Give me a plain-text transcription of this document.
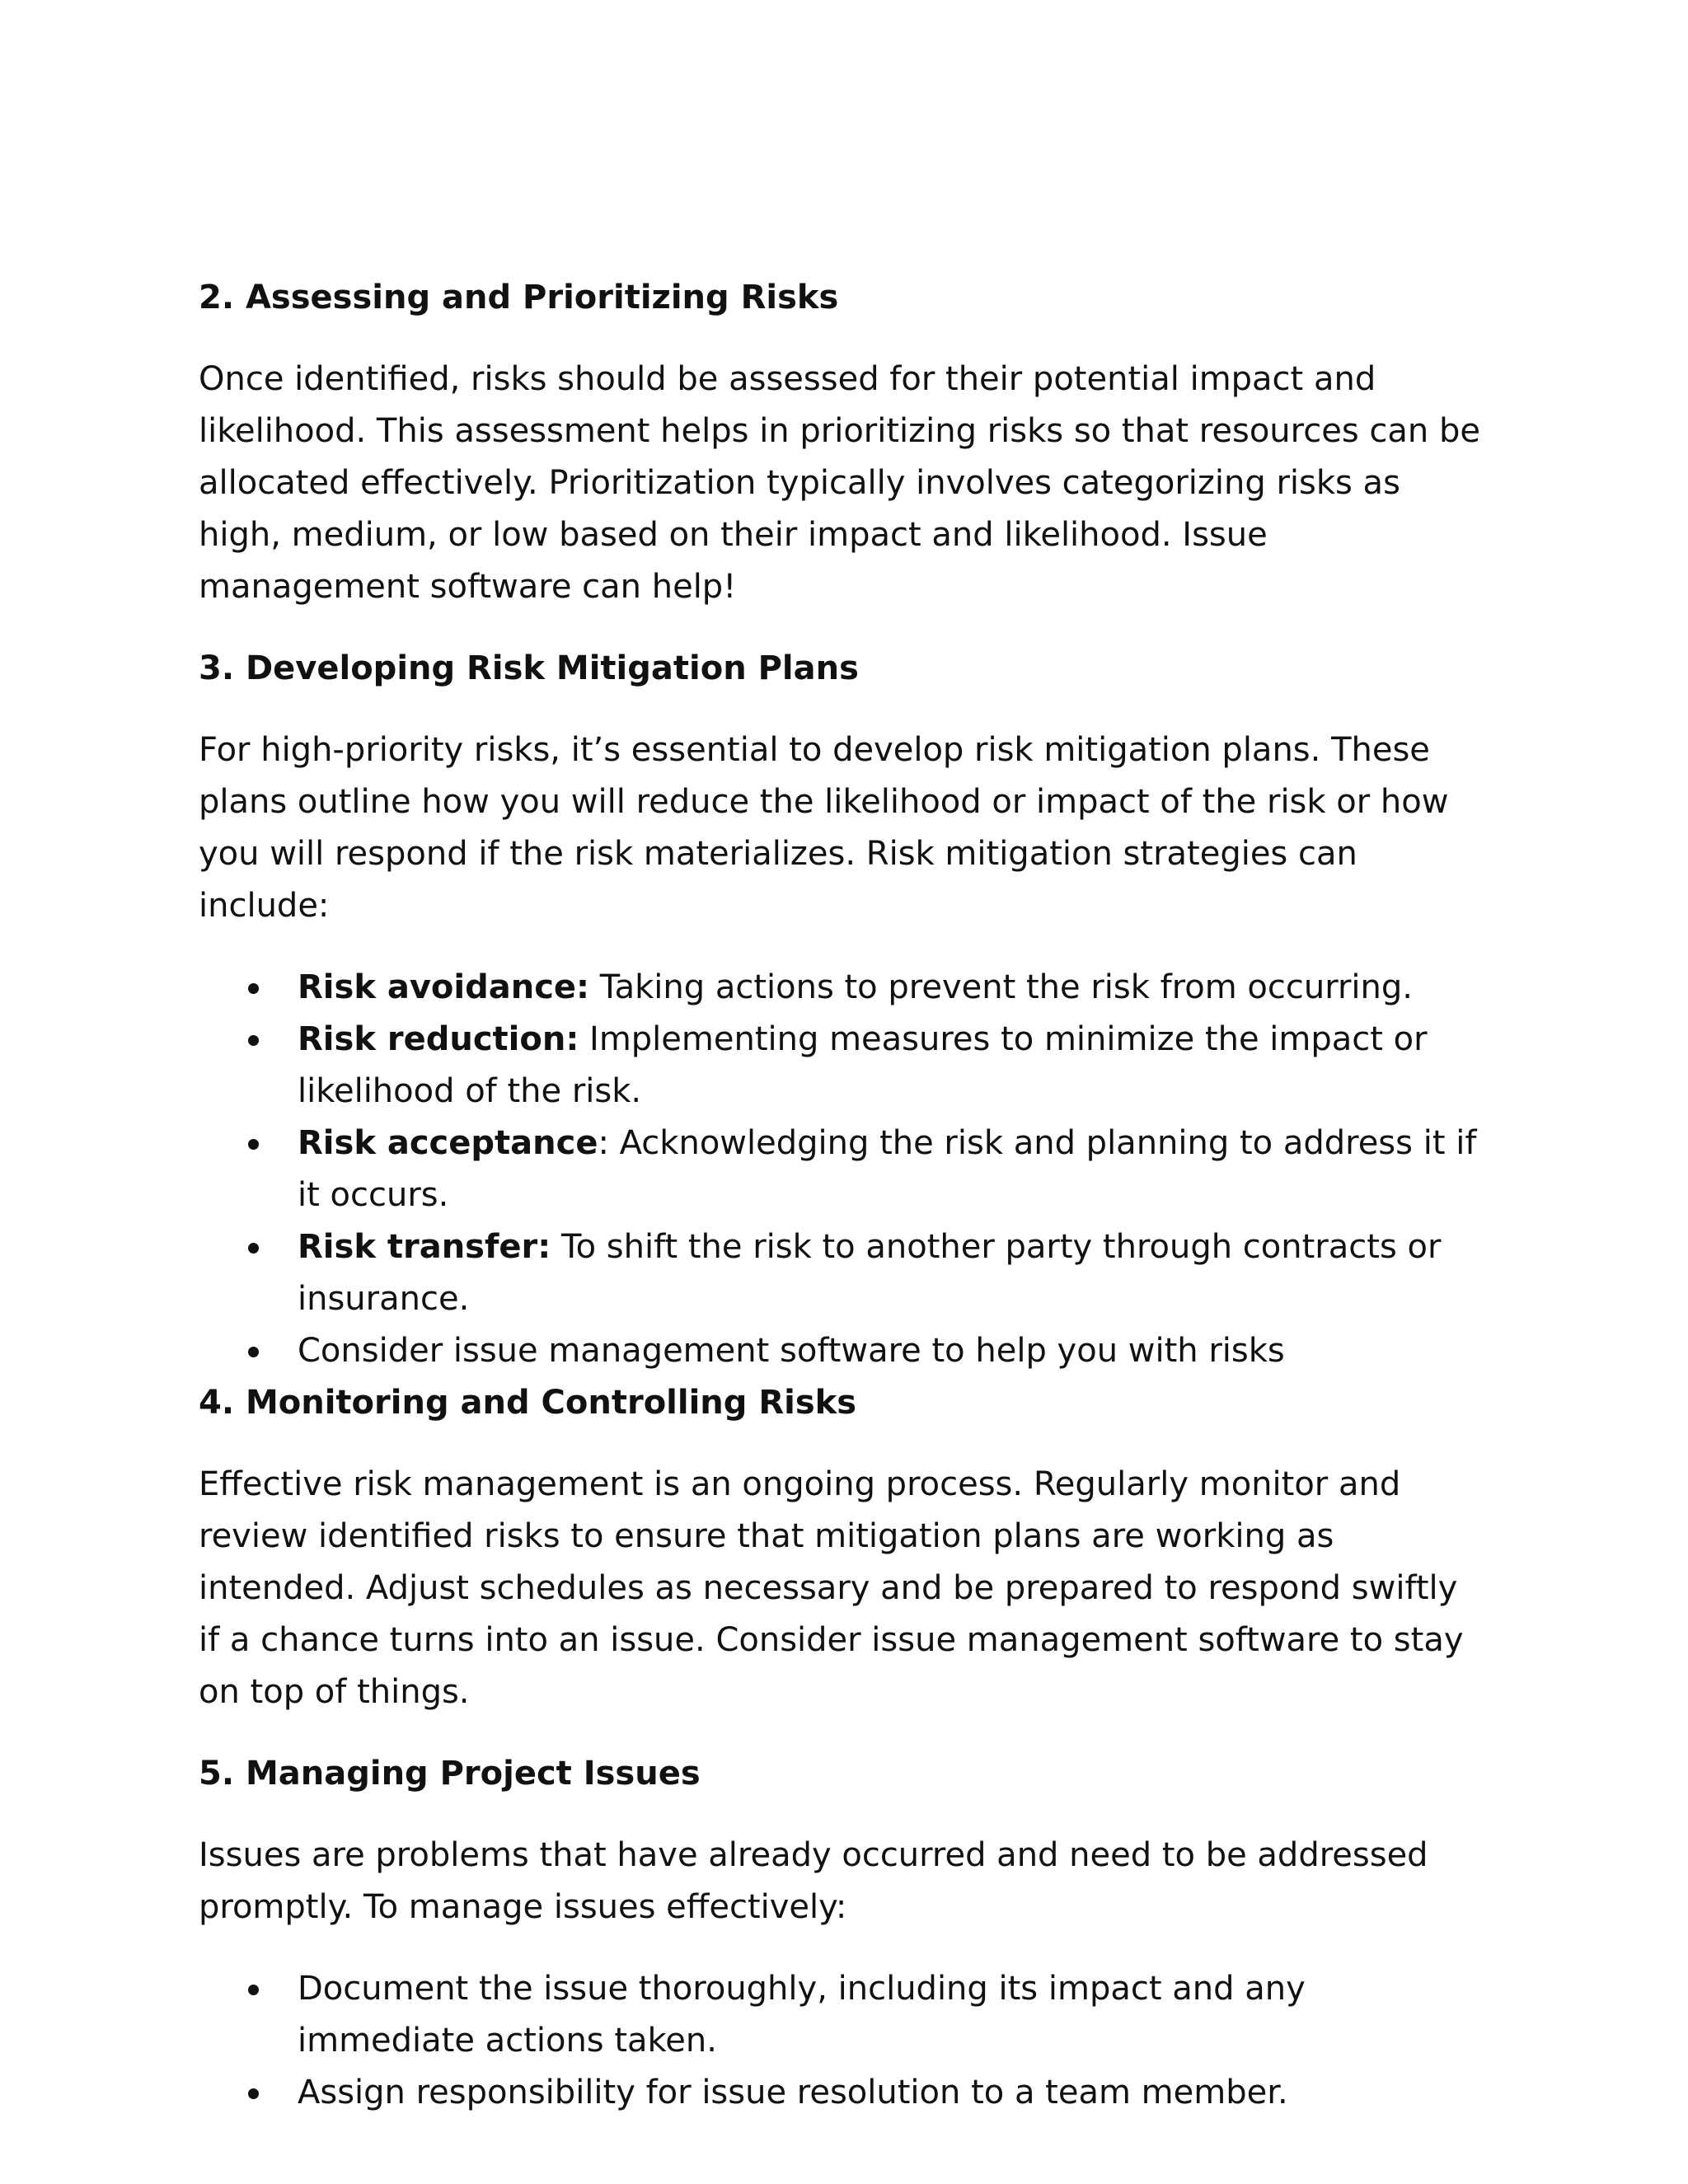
2. Assessing and Prioritizing Risks

Once identified, risks should be assessed for their potential impact and likelihood. This assessment helps in prioritizing risks so that resources can be allocated effectively. Prioritization typically involves categorizing risks as high, medium, or low based on their impact and likelihood. Issue management software can help!

3. Developing Risk Mitigation Plans

For high-priority risks, it’s essential to develop risk mitigation plans. These plans outline how you will reduce the likelihood or impact of the risk or how you will respond if the risk materializes. Risk mitigation strategies can include:

Risk avoidance: Taking actions to prevent the risk from occurring.
Risk reduction: Implementing measures to minimize the impact or likelihood of the risk.
Risk acceptance: Acknowledging the risk and planning to address it if it occurs.
Risk transfer: To shift the risk to another party through contracts or insurance.
Consider issue management software to help you with risks
4. Monitoring and Controlling Risks

Effective risk management is an ongoing process. Regularly monitor and review identified risks to ensure that mitigation plans are working as intended. Adjust schedules as necessary and be prepared to respond swiftly if a chance turns into an issue. Consider issue management software to stay on top of things.

5. Managing Project Issues

Issues are problems that have already occurred and need to be addressed promptly. To manage issues effectively:

Document the issue thoroughly, including its impact and any immediate actions taken.
Assign responsibility for issue resolution to a team member.
